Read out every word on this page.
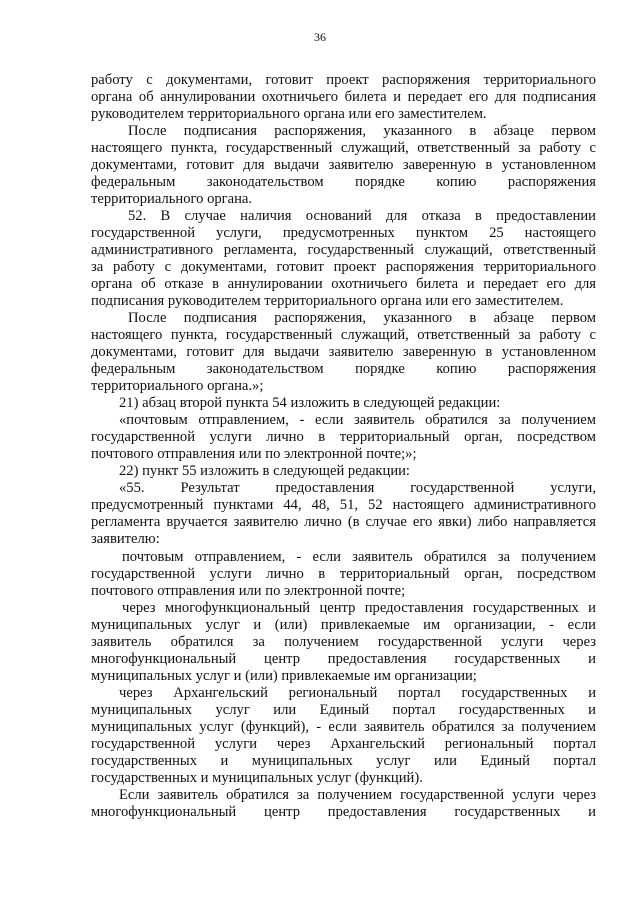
36
работу с документами, готовит проект распоряжения территориального
органа об аннулировании охотничьего билета и передает его для подписания
руководителем территориального органа или его заместителем.
После подписания распоряжения, указанного в абзаце первом
настоящего пункта, государственный служащий, ответственный за работу с
документами, готовит для выдачи заявителю заверенную в установленном
федеральным законодательством порядке копию распоряжения
территориального органа.
52. В случае наличия оснований для отказа в предоставлении
государственной услуги, предусмотренных пунктом 25 настоящего
административного регламента, государственный служащий, ответственный
за работу с документами, готовит проект распоряжения территориального
органа об отказе в аннулировании охотничьего билета и передает его для
подписания руководителем территориального органа или его заместителем.
После подписания распоряжения, указанного в абзаце первом
настоящего пункта, государственный служащий, ответственный за работу с
документами, готовит для выдачи заявителю заверенную в установленном
федеральным законодательством порядке копию распоряжения
территориального органа.»;
21) абзац второй пункта 54 изложить в следующей редакции:
«почтовым отправлением, - если заявитель обратился за получением
государственной услуги лично в территориальный орган, посредством
почтового отправления или по электронной почте;»;
22) пункт 55 изложить в следующей редакции:
«55. Результат предоставления государственной услуги,
предусмотренный пунктами 44, 48, 51, 52 настоящего административного
регламента вручается заявителю лично (в случае его явки) либо направляется
заявителю:
почтовым отправлением, - если заявитель обратился за получением
государственной услуги лично в территориальный орган, посредством
почтового отправления или по электронной почте;
через многофункциональный центр предоставления государственных и
муниципальных услуг и (или) привлекаемые им организации, - если
заявитель обратился за получением государственной услуги через
многофункциональный центр предоставления государственных и
муниципальных услуг и (или) привлекаемые им организации;
через Архангельский региональный портал государственных и
муниципальных услуг или Единый портал государственных и
муниципальных услуг (функций), - если заявитель обратился за получением
государственной услуги через Архангельский региональный портал
государственных и муниципальных услуг или Единый портал
государственных и муниципальных услуг (функций).
Если заявитель обратился за получением государственной услуги через
многофункциональный центр предоставления государственных и
